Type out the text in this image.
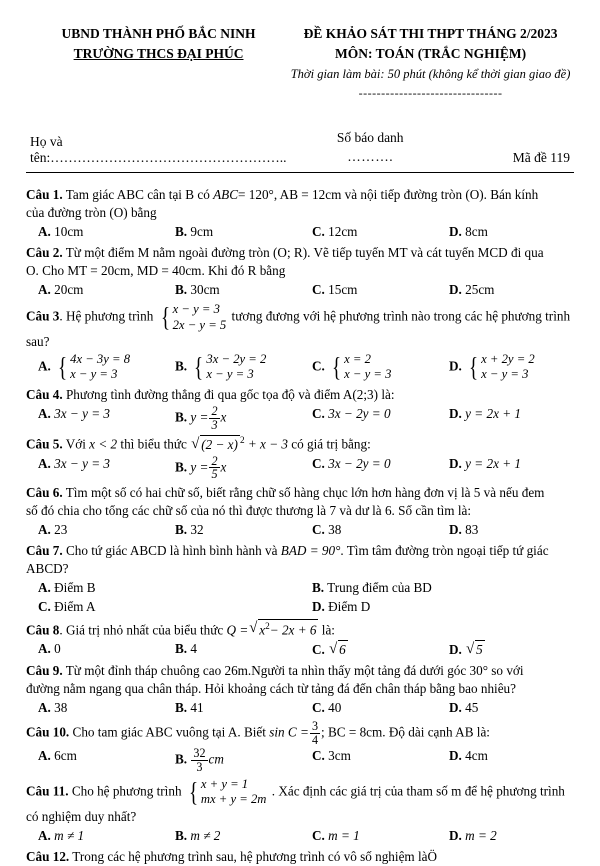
UBND THÀNH PHỐ BẮC NINH
TRƯỜNG THCS ĐẠI PHÚC
ĐỀ KHẢO SÁT THI THPT THÁNG 2/2023
MÔN: TOÁN (TRẮC NGHIỆM)
Thời gian làm bài: 50 phút (không kể thời gian giao đề)
--------------------------------
Họ và tên:……………………………………………..
Số báo danh
……….	Mã đề 119
Câu 1. Tam giác ABC cân tại B có ABC= 120°, AB = 12cm và nội tiếp đường tròn (O). Bán kính
của đường tròn (O) bằng
A. 10cm	B. 9cm	C. 12cm	D. 8cm
Câu 2. Từ một điểm M nằm ngoài đường tròn (O; R). Vẽ tiếp tuyến MT và cát tuyến MCD đi qua
O. Cho MT = 20cm, MD = 40cm. Khi đó R bằng
A. 20cm	B. 30cm	C. 15cm	D. 25cm
Câu 3. Hệ phương trình { x − y = 3
2x − y = 5
tương đương với hệ phương trình nào trong các hệ phương trình
sau?
A. { 4x − 3y = 8
x − y = 3
B. { 3x − 2y = 2
x − y = 3
C. { x = 2
x − y = 3
D. { x + 2y = 2
x − y = 3
Câu 4. Phương tình đường thẳng đi qua gốc tọa độ và điểm A(2;3) là:
A. 3x − y = 3	B. $y = \frac{2}{3}$ x	C. 3x − 2y = 0	D. y = 2x + 1
Câu 5. Với x < 2 thì biểu thức √ (2 − x) $^2$ + x − 3 có giá trị bằng:
A. 3x − y = 3	B. $y = \frac{2}{5}$ x	C. 3x − 2y = 0	D. y = 2x + 1
Câu 6. Tìm một số có hai chữ số, biết rằng chữ số hàng chục lớn hơn hàng đơn vị là 5 và nếu đem
số đó chia cho tổng các chữ số của nó thì được thương là 7 và dư là 6. Số cần tìm là:
A. 23	B. 32	C. 38	D. 83
Câu 7. Cho tứ giác ABCD là hình bình hành và BAD = 90°. Tìm tâm đường tròn ngoại tiếp tứ giác
ABCD?
A. Điểm B	B. Trung điểm của BD
C. Điểm A	D. Điểm D
Câu 8. Giá trị nhỏ nhất của biểu thức Q = √ $x^2- 2x + 6$ là:
A. 0	B. 4	C. √ 6	D. √ 5
Câu 9. Từ một đỉnh tháp chuông cao 26m.Người ta nhìn thấy một tảng đá dưới góc 30° so với
đường nằm ngang qua chân tháp. Hỏi khoảng cách từ tảng đá đến chân tháp bằng bao nhiêu?
A. 38	B. 41	C. 40	D. 45
Câu 10. Cho tam giác ABC vuông tại A. Biết $\sin C = \frac{3}{4}$ ; BC = 8cm. Độ dài cạnh AB là:
A. 6cm	B. $\frac{32}{3}$ cm	C. 3cm	D. 4cm
Câu 11. Cho hệ phương trình { x + y = 1
mx + y = 2m
. Xác định các giá trị của tham số m để hệ phương trình
có nghiệm duy nhất?
A. m ≠ 1	B. m ≠ 2	C. m = 1	D. m = 2
Câu 12. Trong các hệ phương trình sau, hệ phương trình có vô số nghiệm làÖ
